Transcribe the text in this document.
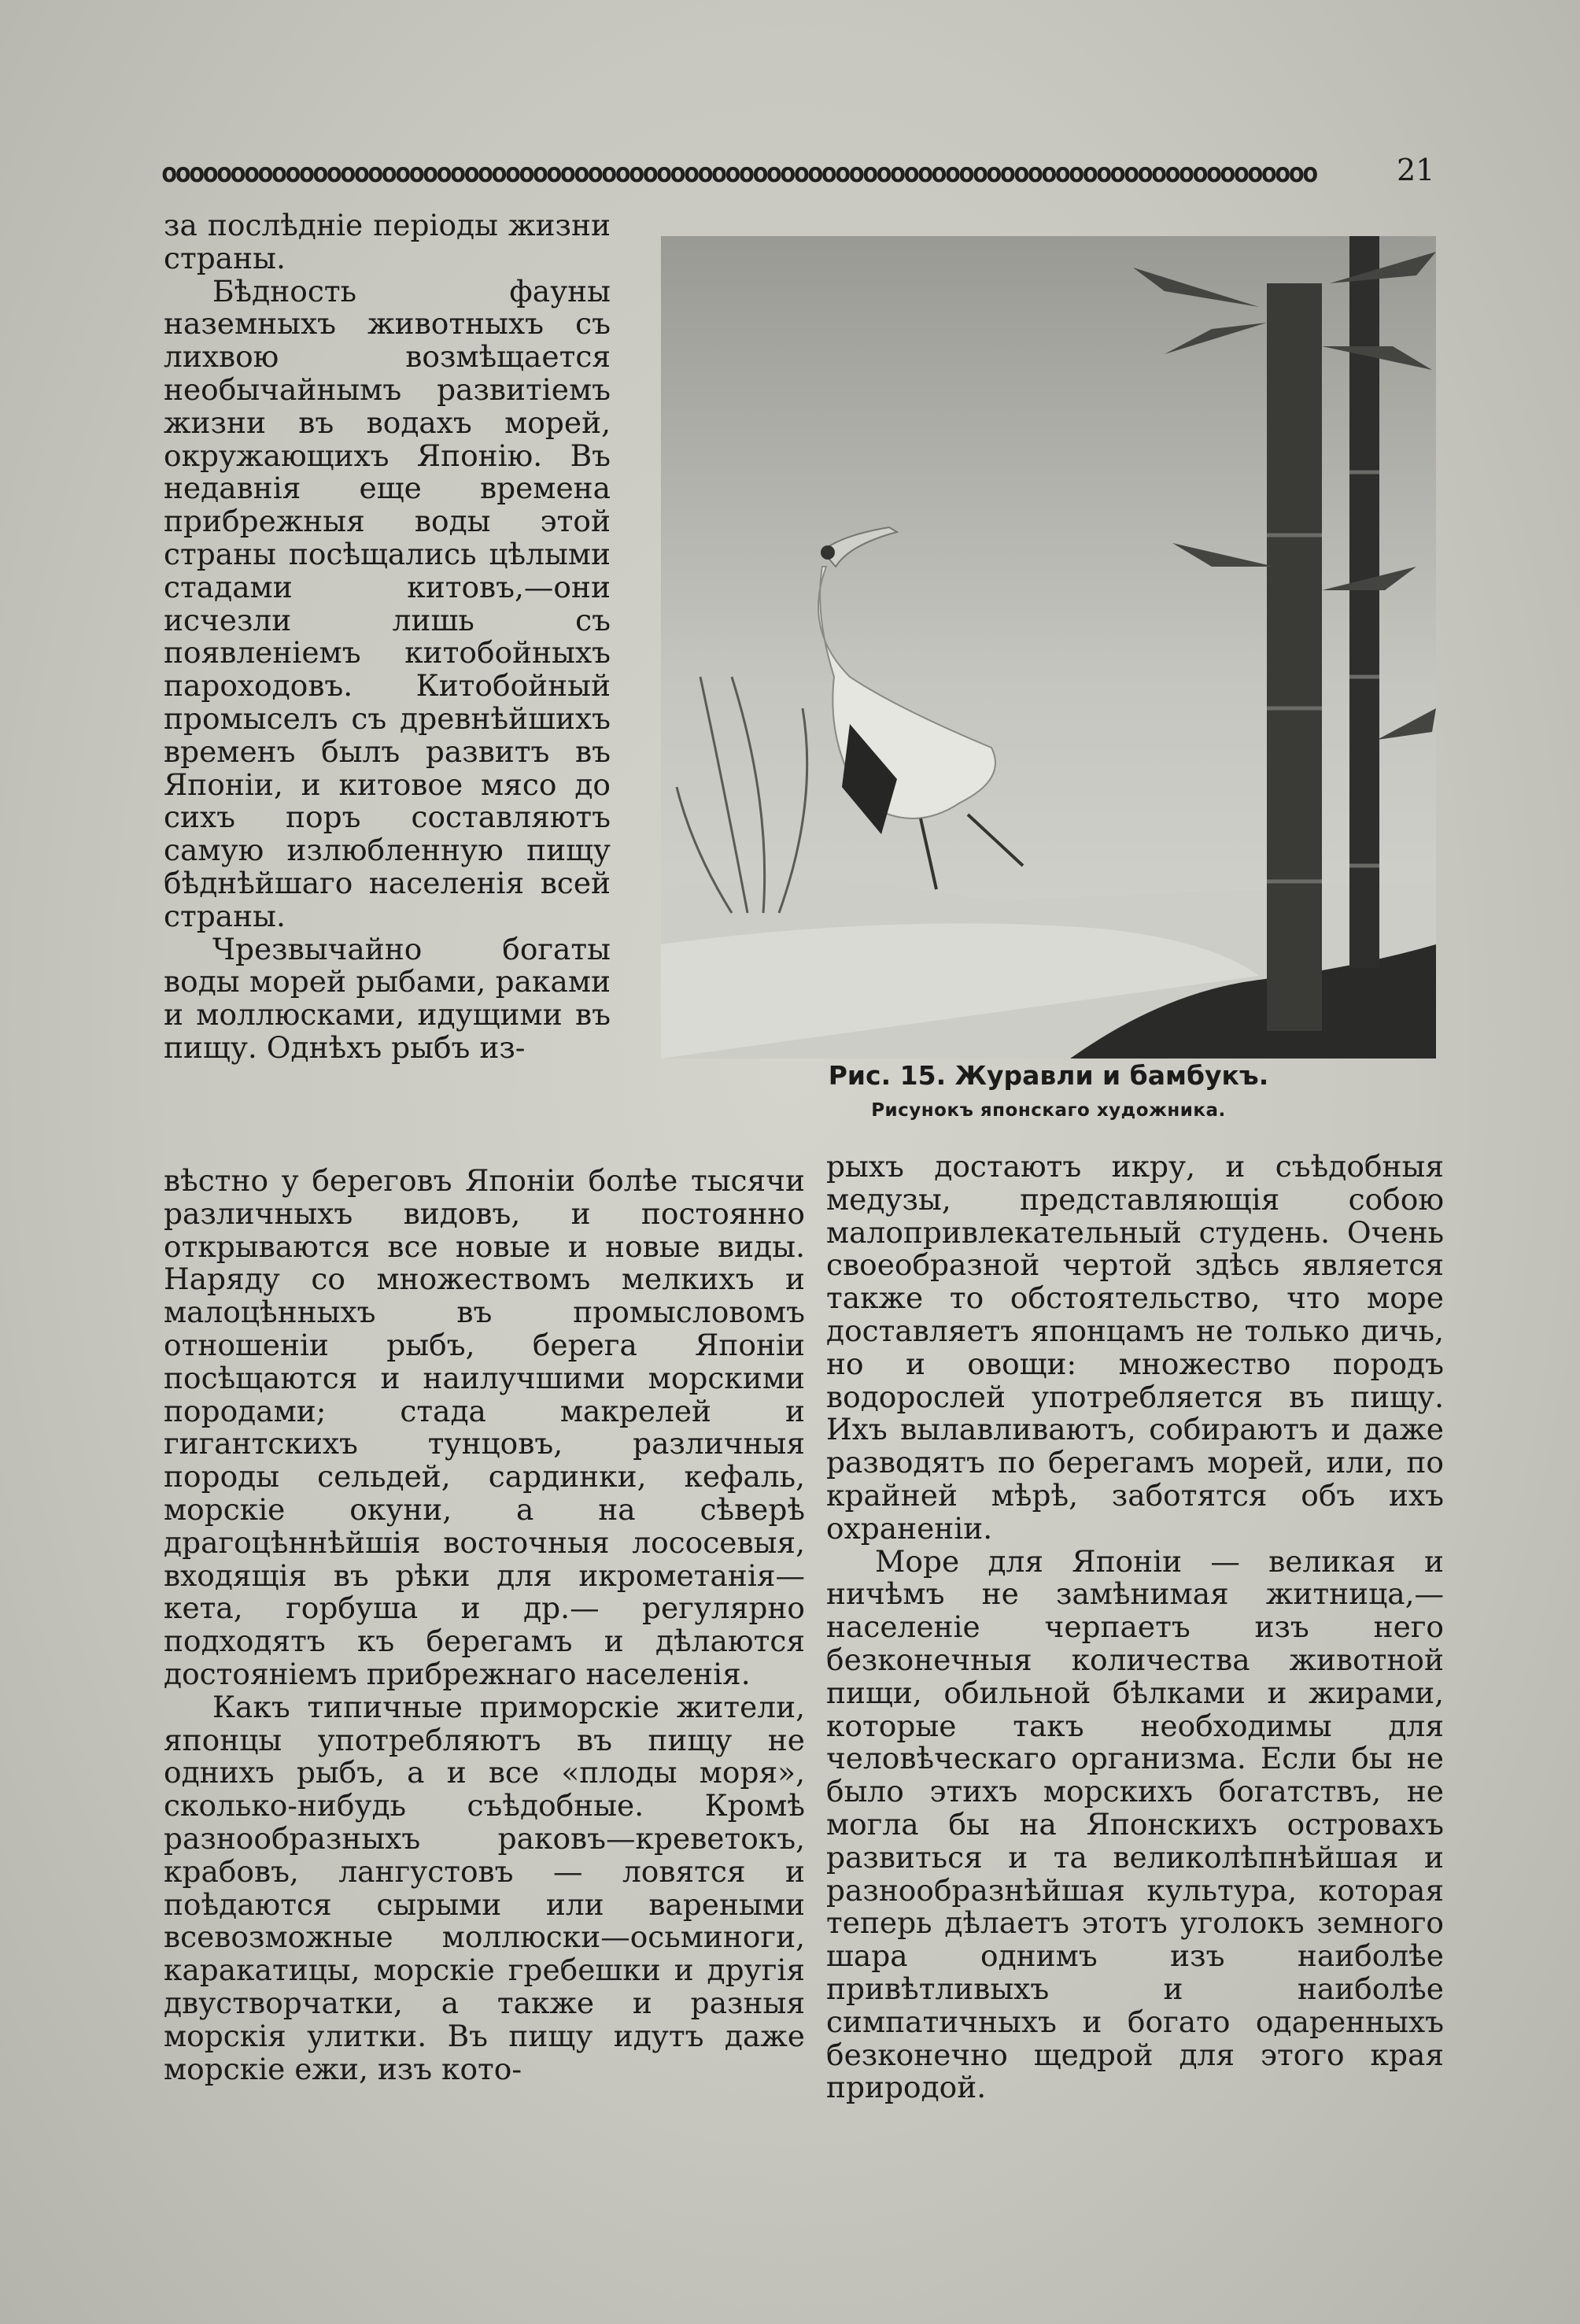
oooooooooooooooooooooooooooooooooooooooooooooooooooooooooooooooooooooooooooooooooooo	21

за послѣдніе періоды жизни страны.

Бѣдность фауны наземныхъ животныхъ съ лихвою возмѣщается необычайнымъ развитіемъ жизни въ водахъ морей, окружающихъ Японію. Въ недавнія еще времена прибрежныя воды этой страны посѣщались цѣлыми стадами китовъ,—они исчезли лишь съ появленіемъ китобойныхъ пароходовъ. Китобойный промыселъ съ древнѣйшихъ временъ былъ развитъ въ Японіи, и китовое мясо до сихъ поръ составляютъ самую излюбленную пищу бѣднѣйшаго населенія всей страны.

Чрезвычайно богаты воды морей рыбами, раками и моллюсками, идущими въ пищу. Однѣхъ рыбъ из-

Рис. 15. Журавли и бамбукъ.
Рисунокъ японскаго художника.

вѣстно у береговъ Японіи болѣе тысячи различныхъ видовъ, и постоянно открываются все новые и новые виды. Наряду со множествомъ мелкихъ и малоцѣнныхъ въ промысловомъ отношеніи рыбъ, берега Японіи посѣщаются и наилучшими морскими породами; стада макрелей и гигантскихъ тунцовъ, различныя породы сельдей, сардинки, кефаль, морскіе окуни, а на сѣверѣ драгоцѣннѣйшія восточныя лососевыя, входящія въ рѣки для икрометанія—кета, горбуша и др.— регулярно подходятъ къ берегамъ и дѣлаются достояніемъ прибрежнаго населенія.

Какъ типичные приморскіе жители, японцы употребляютъ въ пищу не однихъ рыбъ, а и все «плоды моря», сколько-нибудь съѣдобные. Кромѣ разнообразныхъ раковъ—креветокъ, крабовъ, лангустовъ — ловятся и поѣдаются сырыми или вареными всевозможные моллюски—осьминоги, каракатицы, морскіе гребешки и другія двустворчатки, а также и разныя морскія улитки. Въ пищу идутъ даже морскіе ежи, изъ кото-

рыхъ достаютъ икру, и съѣдобныя медузы, представляющія собою малопривлекательный студень. Очень своеобразной чертой здѣсь является также то обстоятельство, что море доставляетъ японцамъ не только дичь, но и овощи: множество породъ водорослей употребляется въ пищу. Ихъ вылавливаютъ, собираютъ и даже разводятъ по берегамъ морей, или, по крайней мѣрѣ, заботятся объ ихъ охраненіи.

Море для Японіи — великая и ничѣмъ не замѣнимая житница,—населеніе черпаетъ изъ него безконечныя количества животной пищи, обильной бѣлками и жирами, которые такъ необходимы для человѣческаго организма. Если бы не было этихъ морскихъ богатствъ, не могла бы на Японскихъ островахъ развиться и та великолѣпнѣйшая и разнообразнѣйшая культура, которая теперь дѣлаетъ этотъ уголокъ земного шара однимъ изъ наиболѣе привѣтливыхъ и наиболѣе симпатичныхъ и богато одаренныхъ безконечно щедрой для этого края природой.
